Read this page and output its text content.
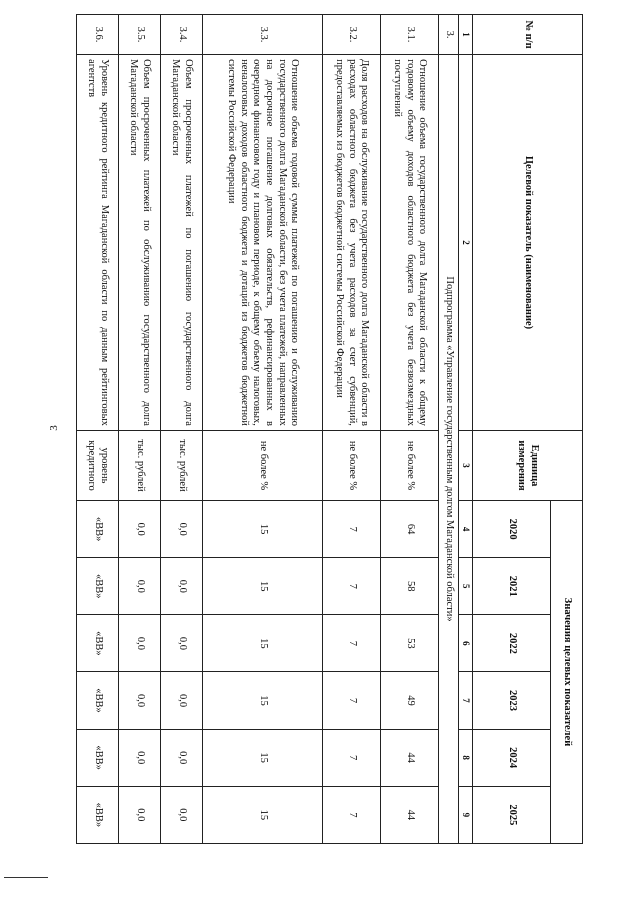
3
№ п/п	Целевой показатель (наименование)	Единица измерения	Значения целевых показателей					
			2020	2021	2022	2023	2024	2025
1	2	3	4	5	6	7	8	9
3.	Подпрограмма «Управление государственным долгом Магаданской области»							
3.1.	Отношение объема государственного долга Магаданской области к общему годовому объему доходов областного бюджета без учета безвозмездных поступлений	не более %	64	58	53	49	44	44
3.2.	Доля расходов на обслуживание государственного долга Магаданской области в расходах областного бюджета без учета расходов за счет субвенций, предоставляемых из бюджетов бюджетной системы Российской Федерации	не более %	7	7	7	7	7	7
3.3.	Отношение объема годовой суммы платежей по погашению и обслуживанию государственного долга Магаданской области, без учета платежей, направленных на досрочное погашение долговых обязательств, рефинансированных в очередном финансовом году и плановом периоде, к общему объему налоговых, неналоговых доходов областного бюджета и дотаций из бюджетов бюджетной системы Российской Федерации	не более %	15	15	15	15	15	15
3.4.	Объем просроченных платежей по погашению государственного долга Магаданской области	тыс. рублей	0,0	0,0	0,0	0,0	0,0	0,0
3.5.	Объем просроченных платежей по обслуживанию государственного долга Магаданской области	тыс. рублей	0,0	0,0	0,0	0,0	0,0	0,0
3.6.	Уровень кредитного рейтинга Магаданской области по данным рейтинговых агентств	уровень кредитного	«BB»	«BB»	«BB»	«BB»	«BB»	«BB»
